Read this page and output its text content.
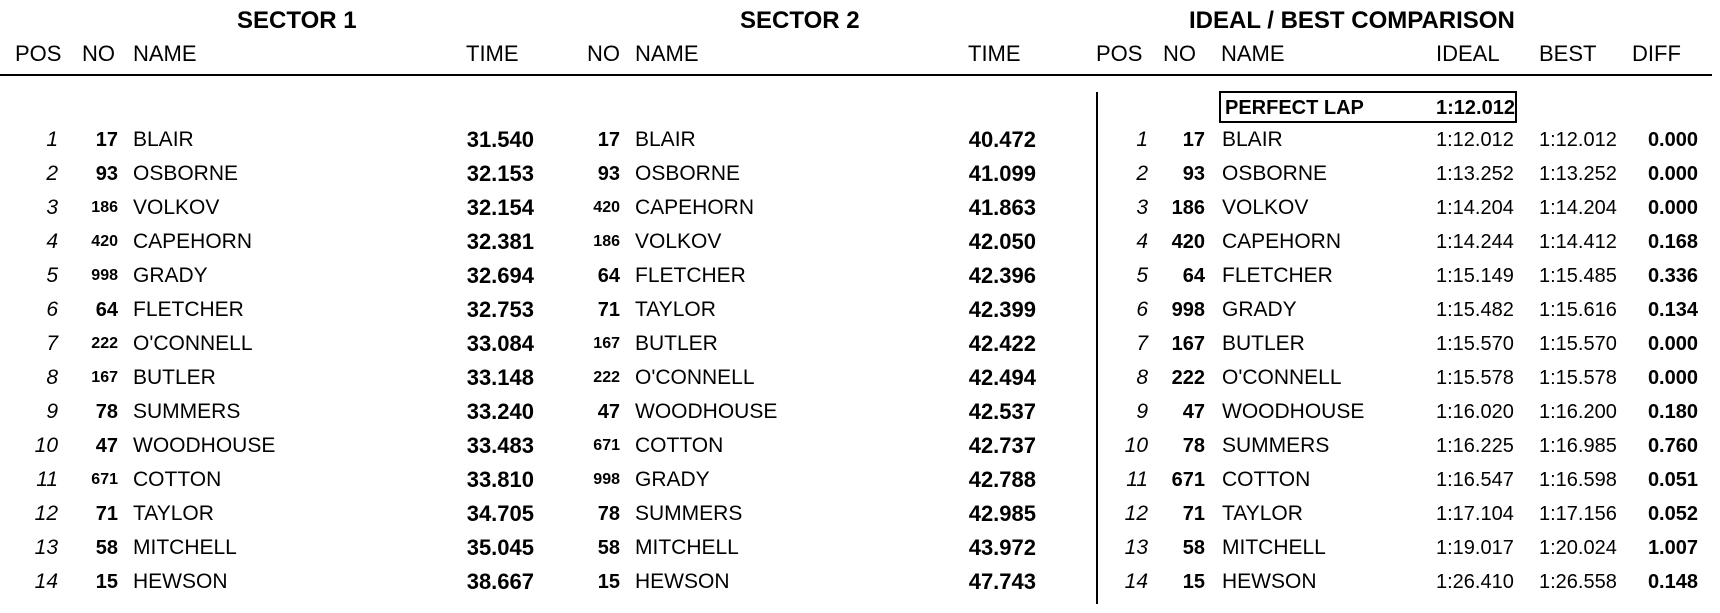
SECTOR 1	SECTOR 2	IDEAL / BEST COMPARISON
POS NO NAME	TIME	NO NAME	TIME	POS NO NAME	IDEAL BEST DIFF
PERFECT LAP	1:12.012
1	17 BLAIR	31.540	17 BLAIR	40.472	1	17 BLAIR	1:12.012 1:12.012	0.000
2	93 OSBORNE	32.153	93 OSBORNE	41.099	2	93 OSBORNE	1:13.252 1:13.252	0.000
3	186 VOLKOV	32.154	420 CAPEHORN	41.863	3	186 VOLKOV	1:14.204 1:14.204	0.000
4	420 CAPEHORN	32.381	186 VOLKOV	42.050	4	420 CAPEHORN	1:14.244 1:14.412	0.168
5	998 GRADY	32.694	64 FLETCHER	42.396	5	64 FLETCHER	1:15.149 1:15.485	0.336
6	64 FLETCHER	32.753	71 TAYLOR	42.399	6	998 GRADY	1:15.482 1:15.616	0.134
7	222 O'CONNELL	33.084	167 BUTLER	42.422	7	167 BUTLER	1:15.570 1:15.570	0.000
8	167 BUTLER	33.148	222 O'CONNELL	42.494	8	222 O'CONNELL	1:15.578 1:15.578	0.000
9	78 SUMMERS	33.240	47 WOODHOUSE	42.537	9	47 WOODHOUSE	1:16.020 1:16.200	0.180
10	47 WOODHOUSE	33.483	671 COTTON	42.737	10	78 SUMMERS	1:16.225 1:16.985	0.760
11	671 COTTON	33.810	998 GRADY	42.788	11	671 COTTON	1:16.547 1:16.598	0.051
12	71 TAYLOR	34.705	78 SUMMERS	42.985	12	71 TAYLOR	1:17.104 1:17.156	0.052
13	58 MITCHELL	35.045	58 MITCHELL	43.972	13	58 MITCHELL	1:19.017 1:20.024	1.007
14	15 HEWSON	38.667	15 HEWSON	47.743	14	15 HEWSON	1:26.410 1:26.558	0.148
